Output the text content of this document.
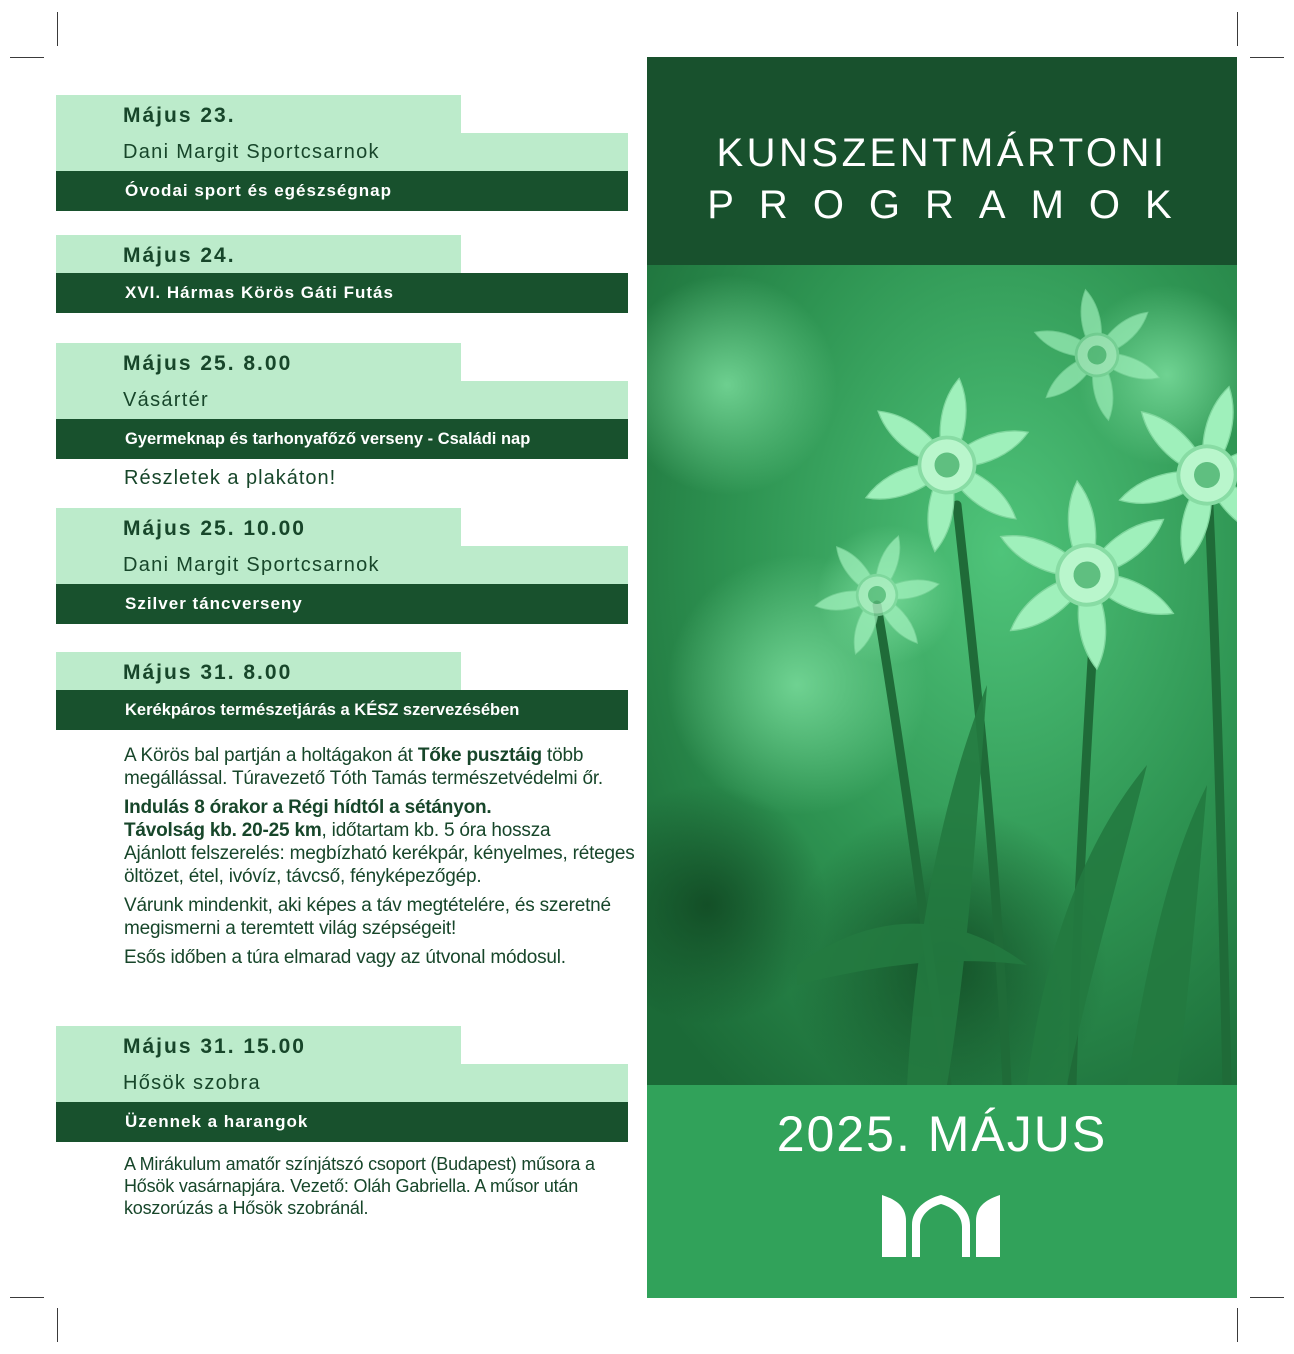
Május 23.
Dani Margit Sportcsarnok
Óvodai sport és egészségnap
Május 24.
XVI. Hármas Körös Gáti Futás
Május 25. 8.00
Vásártér
Gyermeknap és tarhonyafőző verseny - Családi nap
Részletek a plakáton!
Május 25. 10.00
Dani Margit Sportcsarnok
Szilver táncverseny
Május 31. 8.00
Kerékpáros természetjárás a KÉSZ szervezésében

A Körös bal partján a holtágakon át Tőke pusztáig több megállással. Túravezető Tóth Tamás természetvédelmi őr.

Indulás 8 órakor a Régi hídtól a sétányon.
Távolság kb. 20-25 km, időtartam kb. 5 óra hossza
Ajánlott felszerelés: megbízható kerékpár, kényelmes, réteges öltözet, étel, ivóvíz, távcső, fényképezőgép.

Várunk mindenkit, aki képes a táv megtételére, és szeretné megismerni a teremtett világ szépségeit!

Esős időben a túra elmarad vagy az útvonal módosul.

Május 31. 15.00
Hősök szobra
Üzennek a harangok
A Mirákulum amatőr színjátszó csoport (Budapest) műsora a Hősök vasárnapjára. Vezető: Oláh Gabriella. A műsor után koszorúzás a Hősök szobránál.
KUNSZENTMÁRTONI
PROGRAMOK
2025. MÁJUS
